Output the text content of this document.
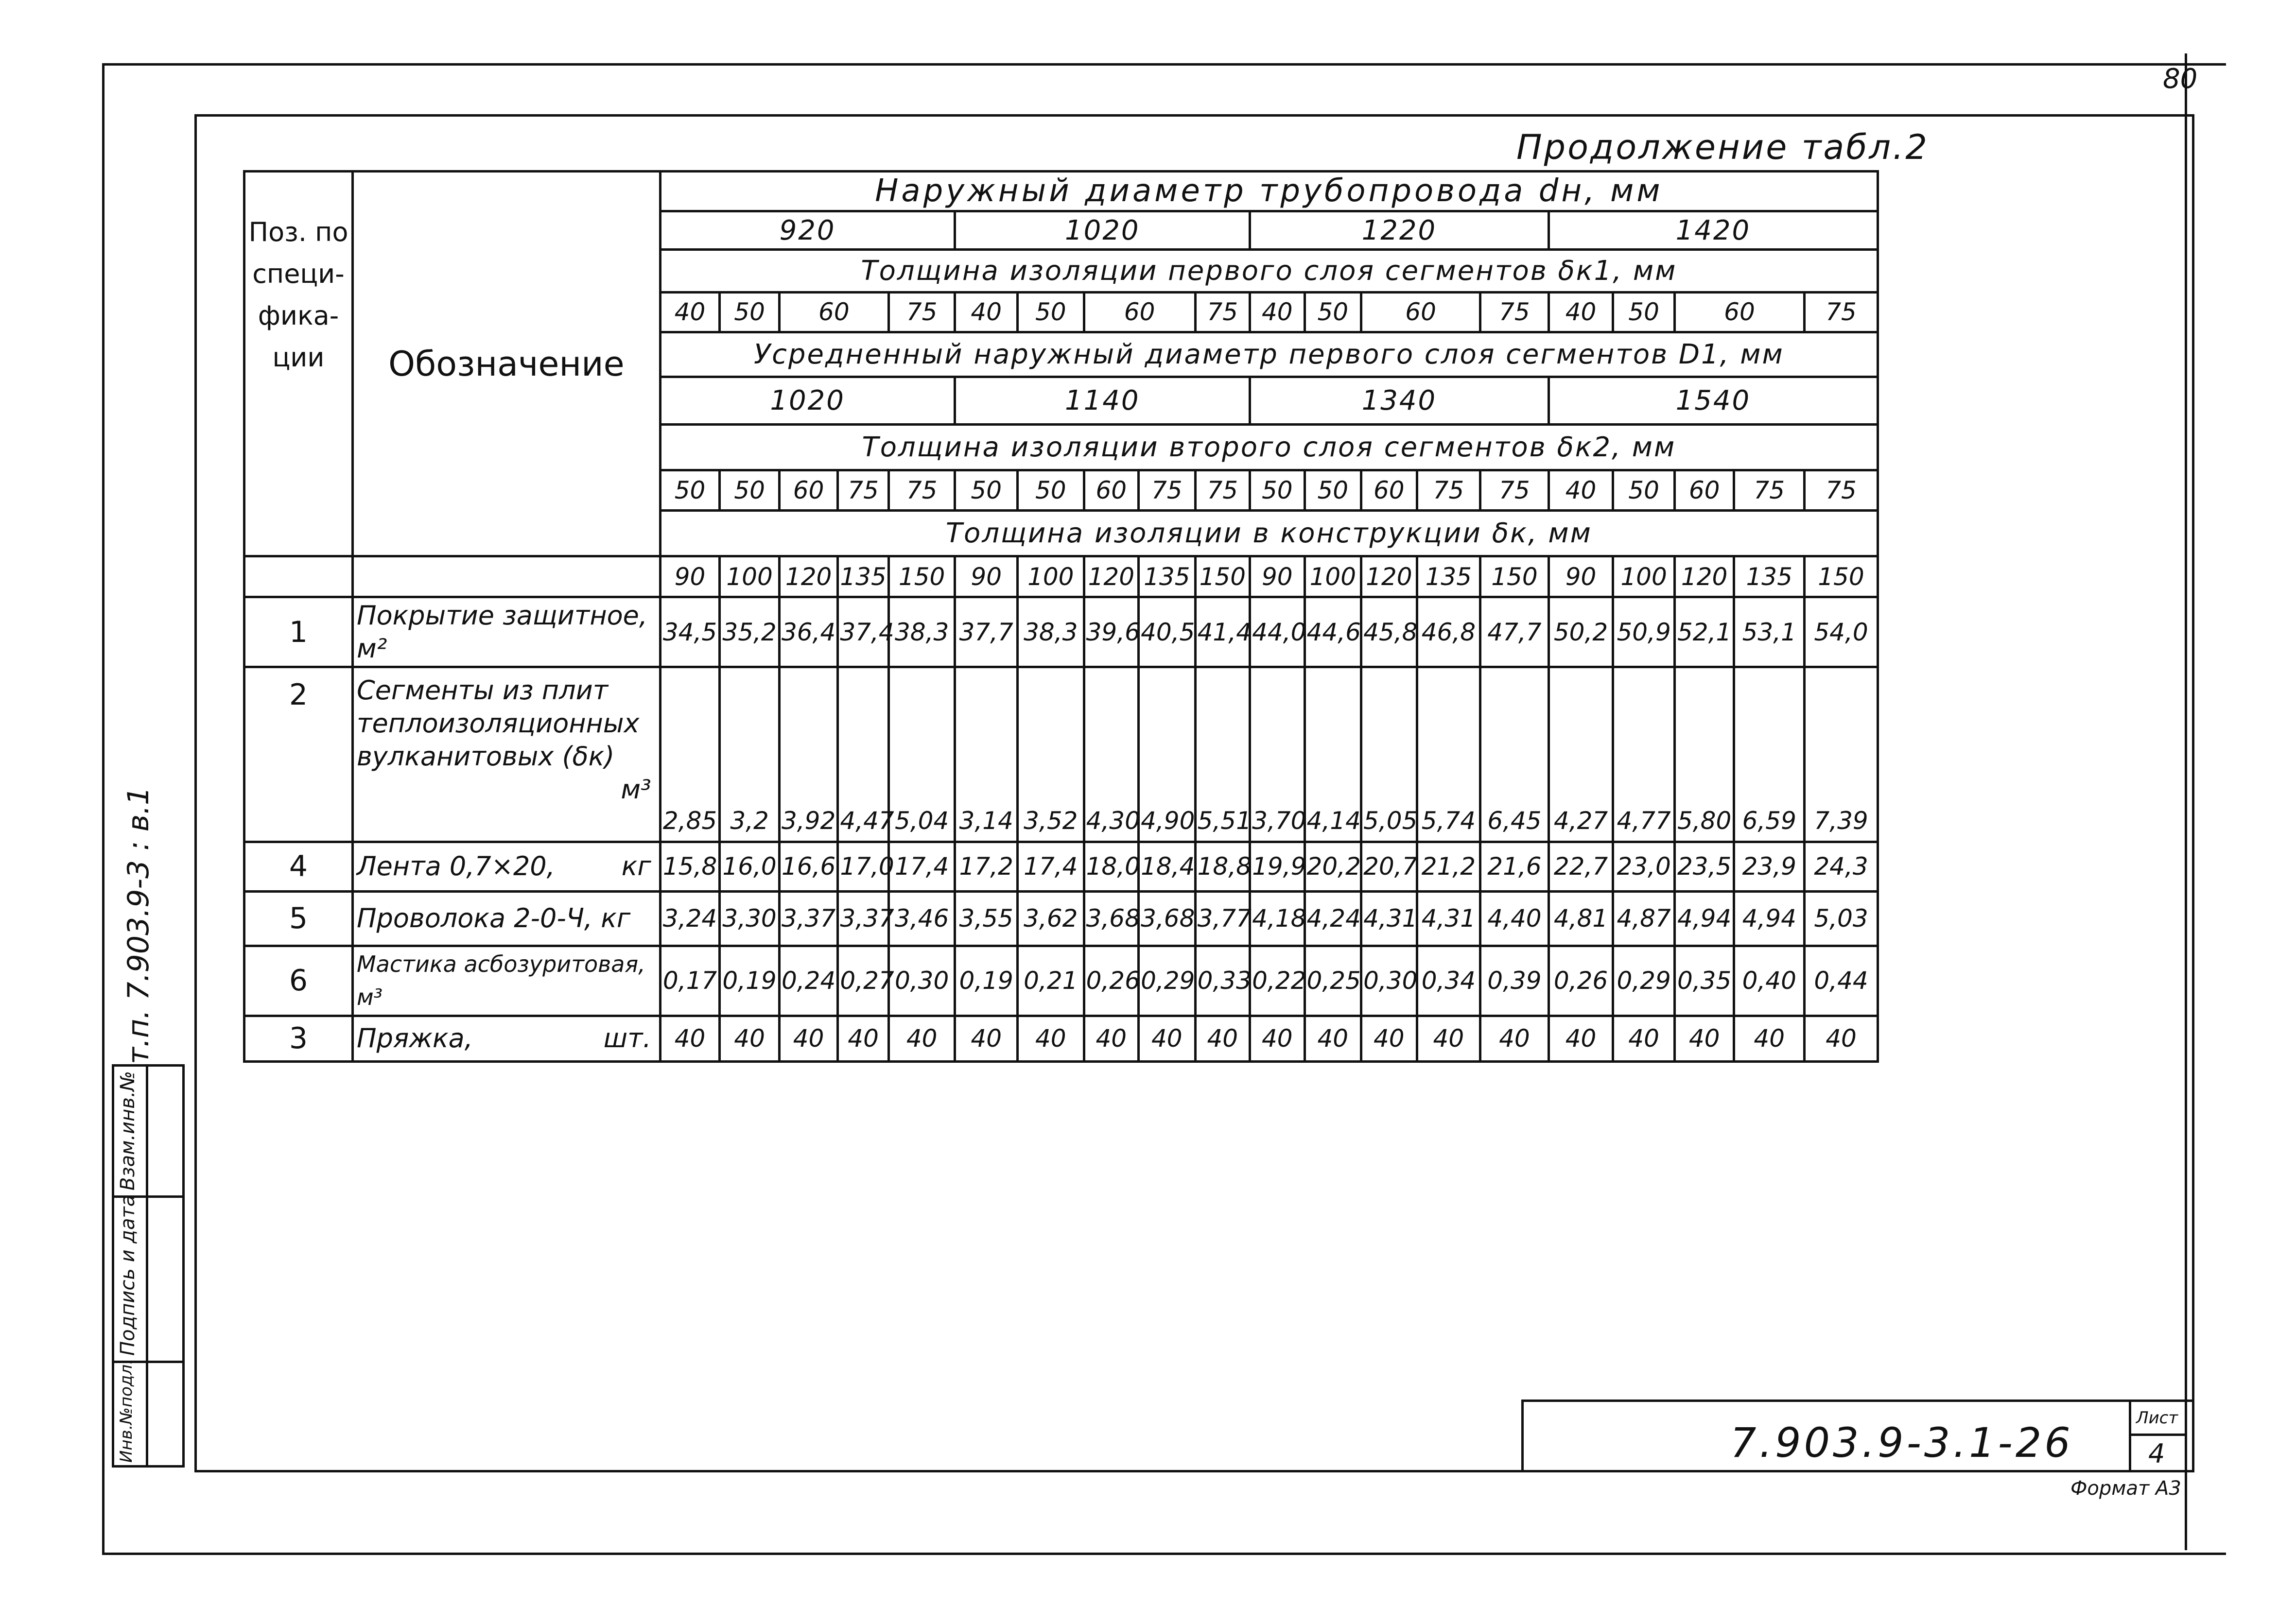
80
Продолжение табл.2
Поз. по специ- фика- ции	Обозначение	Наружный диаметр трубопровода dн, мм																			
		920					1020					1220					1420				
		Толщина изоляции первого слоя сегментов δк1, мм																			
		40	50	60		75	40	50	60		75	40	50	60		75	40	50	60		75
		Усредненный наружный диаметр первого слоя сегментов D1, мм																			
		1020					1140					1340					1540				
		Толщина изоляции второго слоя сегментов δк2, мм																			
		50	50	60	75	75	50	50	60	75	75	50	50	60	75	75	40	50	60	75	75
		Толщина изоляции в конструкции δк, мм																			
		90	100	120	135	150	90	100	120	135	150	90	100	120	135	150	90	100	120	135	150
1	Покрытие защитное, м²	34,5	35,2	36,4	37,4	38,3	37,7	38,3	39,6	40,5	41,4	44,0	44,6	45,8	46,8	47,7	50,2	50,9	52,1	53,1	54,0
2	Сегменты из плит
теплоизоляционных
вулканитовых (δк)
м³	2,85	3,2	3,92	4,47	5,04	3,14	3,52	4,30	4,90	5,51	3,70	4,14	5,05	5,74	6,45	4,27	4,77	5,80	6,59	7,39
4	Лента 0,7×20, кг	15,8	16,0	16,6	17,0	17,4	17,2	17,4	18,0	18,4	18,8	19,9	20,2	20,7	21,2	21,6	22,7	23,0	23,5	23,9	24,3
5	Проволока 2-0-Ч, кг	3,24	3,30	3,37	3,37	3,46	3,55	3,62	3,68	3,68	3,77	4,18	4,24	4,31	4,31	4,40	4,81	4,87	4,94	4,94	5,03
6	Мастика асбозуритовая, м³	0,17	0,19	0,24	0,27	0,30	0,19	0,21	0,26	0,29	0,33	0,22	0,25	0,30	0,34	0,39	0,26	0,29	0,35	0,40	0,44
3	Пряжка, шт.	40	40	40	40	40	40	40	40	40	40	40	40	40	40	40	40	40	40	40	40
т.п. 7.903.9-3 : в.1
Взам.инв.№
Подпись и дата
Инв.№подл.	7.903.9-3.1-26
Лист
4
Формат А3
